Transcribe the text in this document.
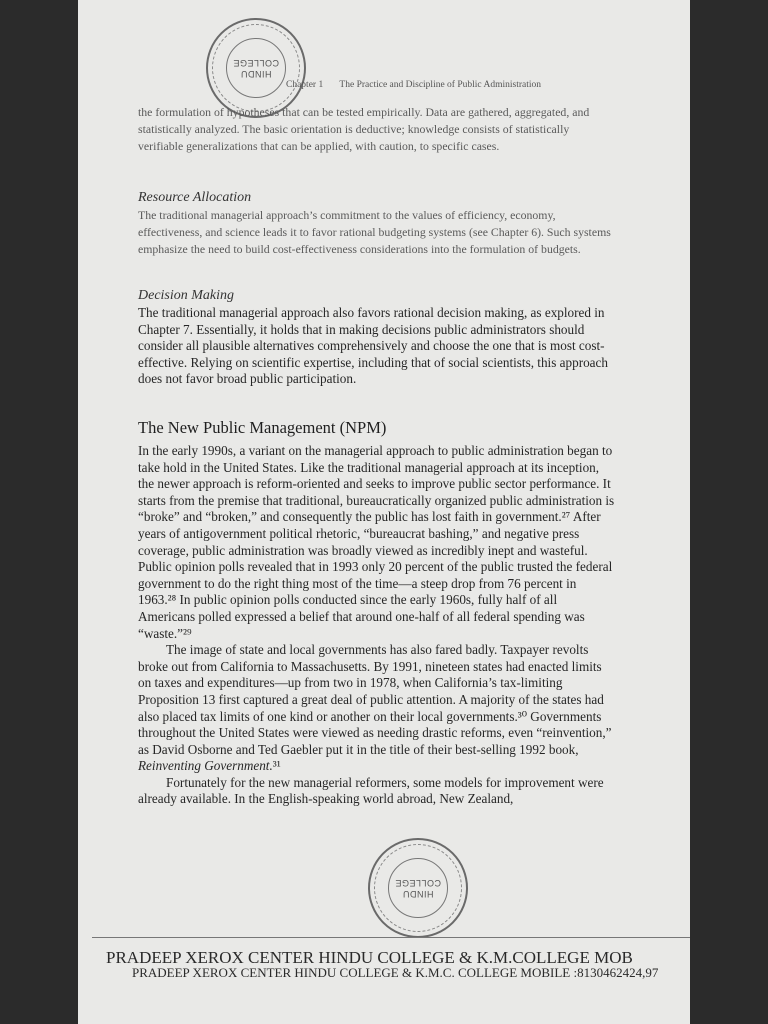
HINDU
COLLEGE
Chapter 1 The Practice and Discipline of Public Administration

the formulation of hypotheses that can be tested empirically. Data are gathered, aggregated, and statistically analyzed. The basic orientation is deductive; knowledge consists of statistically verifiable generalizations that can be applied, with caution, to specific cases.

Resource Allocation

The traditional managerial approach’s commitment to the values of efficiency, economy, effectiveness, and science leads it to favor rational budgeting systems (see Chapter 6). Such systems emphasize the need to build cost-effectiveness considerations into the formulation of budgets.

Decision Making

The traditional managerial approach also favors rational decision making, as explored in Chapter 7. Essentially, it holds that in making decisions public administrators should consider all plausible alternatives comprehensively and choose the one that is most cost-effective. Relying on scientific expertise, including that of social scientists, this approach does not favor broad public participation.

The New Public Management (NPM)

In the early 1990s, a variant on the managerial approach to public administration began to take hold in the United States. Like the traditional managerial approach at its inception, the newer approach is reform-oriented and seeks to improve public sector performance. It starts from the premise that traditional, bureaucratically organized public administration is “broke” and “broken,” and consequently the public has lost faith in government.²⁷ After years of antigovernment political rhetoric, “bureaucrat bashing,” and negative press coverage, public administration was broadly viewed as incredibly inept and wasteful. Public opinion polls revealed that in 1993 only 20 percent of the public trusted the federal government to do the right thing most of the time—a steep drop from 76 percent in 1963.²⁸ In public opinion polls conducted since the early 1960s, fully half of all Americans polled expressed a belief that around one-half of all federal spending was “waste.”²⁹

The image of state and local governments has also fared badly. Taxpayer revolts broke out from California to Massachusetts. By 1991, nineteen states had enacted limits on taxes and expenditures—up from two in 1978, when California’s tax-limiting Proposition 13 first captured a great deal of public attention. A majority of the states had also placed tax limits of one kind or another on their local governments.³⁰ Governments throughout the United States were viewed as needing drastic reforms, even “reinvention,” as David Osborne and Ted Gaebler put it in the title of their best-selling 1992 book, Reinventing Government.³¹

Fortunately for the new managerial reformers, some models for improvement were already available. In the English-speaking world abroad, New Zealand,

HINDU
COLLEGE
PRADEEP XEROX CENTER HINDU COLLEGE & K.M.COLLEGE MOB
PRADEEP XEROX CENTER HINDU COLLEGE & K.M.C. COLLEGE MOBILE :8130462424,97
